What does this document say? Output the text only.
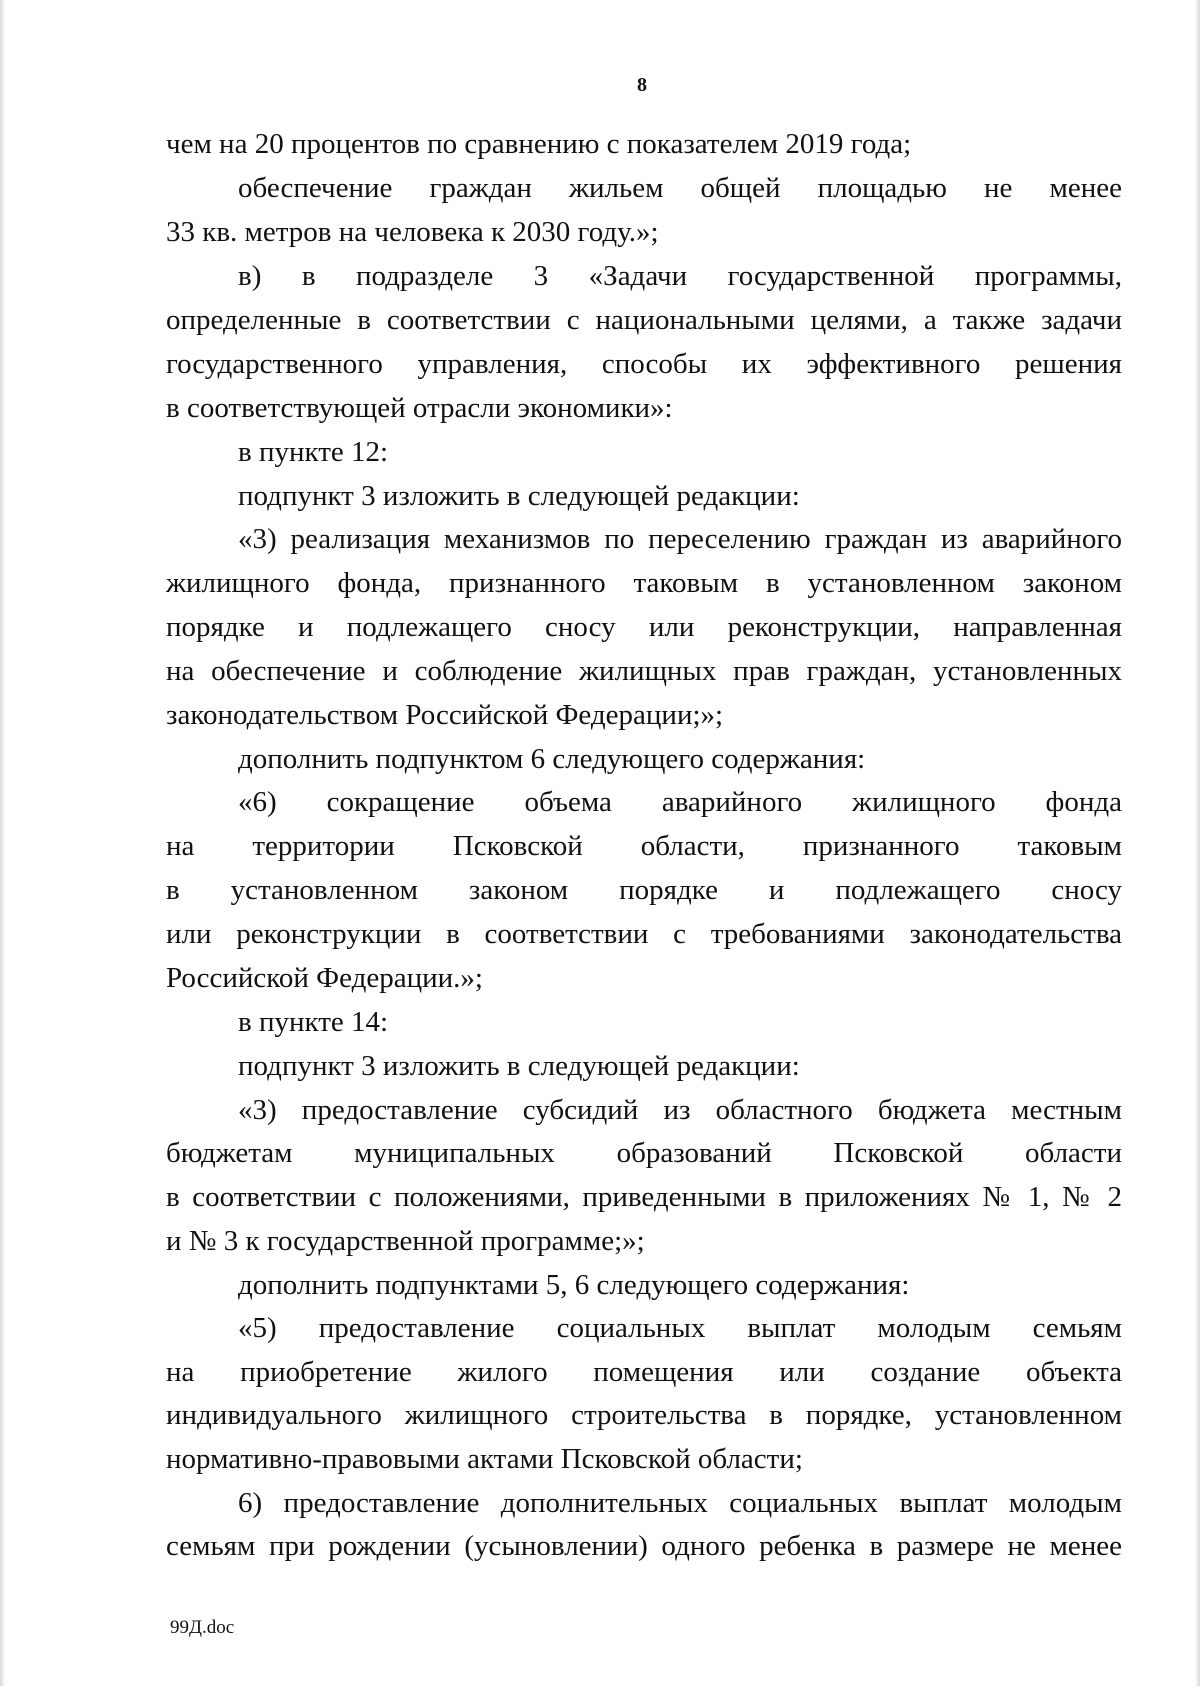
8
чем на 20 процентов по сравнению с показателем 2019 года;
обеспечение граждан жильем общей площадью не менее
33 кв. метров на человека к 2030 году.»;
в) в подразделе 3 «Задачи государственной программы,
определенные в соответствии с национальными целями, а также задачи
государственного управления, способы их эффективного решения
в соответствующей отрасли экономики»:
в пункте 12:
подпункт 3 изложить в следующей редакции:
«3) реализация механизмов по переселению граждан из аварийного
жилищного фонда, признанного таковым в установленном законом
порядке и подлежащего сносу или реконструкции, направленная
на обеспечение и соблюдение жилищных прав граждан, установленных
законодательством Российской Федерации;»;
дополнить подпунктом 6 следующего содержания:
«6) сокращение объема аварийного жилищного фонда
на территории Псковской области, признанного таковым
в установленном законом порядке и подлежащего сносу
или реконструкции в соответствии с требованиями законодательства
Российской Федерации.»;
в пункте 14:
подпункт 3 изложить в следующей редакции:
«3) предоставление субсидий из областного бюджета местным
бюджетам муниципальных образований Псковской области
в соответствии с положениями, приведенными в приложениях № 1, № 2
и № 3 к государственной программе;»;
дополнить подпунктами 5, 6 следующего содержания:
«5) предоставление социальных выплат молодым семьям
на приобретение жилого помещения или создание объекта
индивидуального жилищного строительства в порядке, установленном
нормативно-правовыми актами Псковской области;
6) предоставление дополнительных социальных выплат молодым
семьям при рождении (усыновлении) одного ребенка в размере не менее
99Д.doc
